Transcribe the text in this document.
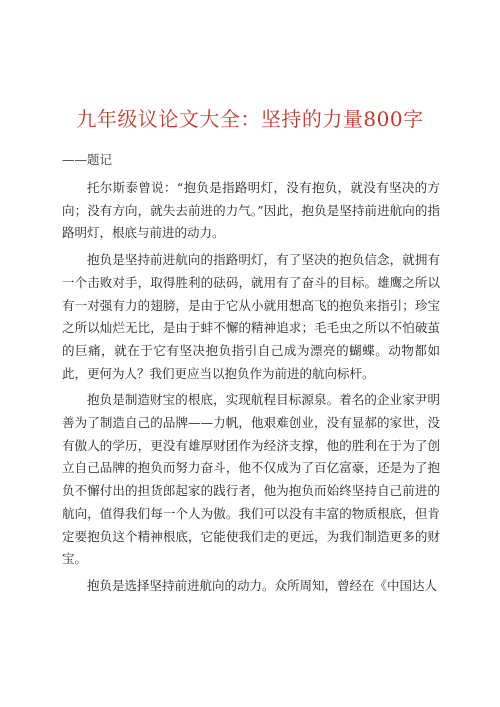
九年级议论文大全：坚持的力量800字
——题记

托尔斯泰曾说：“抱负是指路明灯，没有抱负，就没有坚决的方向；没有方向，就失去前进的力气。”因此，抱负是坚持前进航向的指路明灯，根底与前进的动力。

抱负是坚持前进航向的指路明灯，有了坚决的抱负信念，就拥有一个击败对手，取得胜利的砝码，就用有了奋斗的目标。雄鹰之所以有一对强有力的翅膀，是由于它从小就用想高飞的抱负来指引；珍宝之所以灿烂无比，是由于蚌不懈的精神追求；毛毛虫之所以不怕破茧的巨痛，就在于它有坚决抱负指引自己成为漂亮的蝴蝶。动物都如此，更何为人？我们更应当以抱负作为前进的航向标杆。

抱负是制造财宝的根底，实现航程目标源泉。着名的企业家尹明善为了制造自己的品牌——力帆，他艰难创业，没有显郝的家世，没有傲人的学历，更没有雄厚财团作为经济支撑，他的胜利在于为了创立自己品牌的抱负而努力奋斗，他不仅成为了百亿富豪，还是为了抱负不懈付出的担货郎起家的践行者，他为抱负而始终坚持自己前进的航向，值得我们每一个人为傲。我们可以没有丰富的物质根底，但肯定要抱负这个精神根底，它能使我们走的更远，为我们制造更多的财宝。

抱负是选择坚持前进航向的动力。众所周知，曾经在《中国达人
